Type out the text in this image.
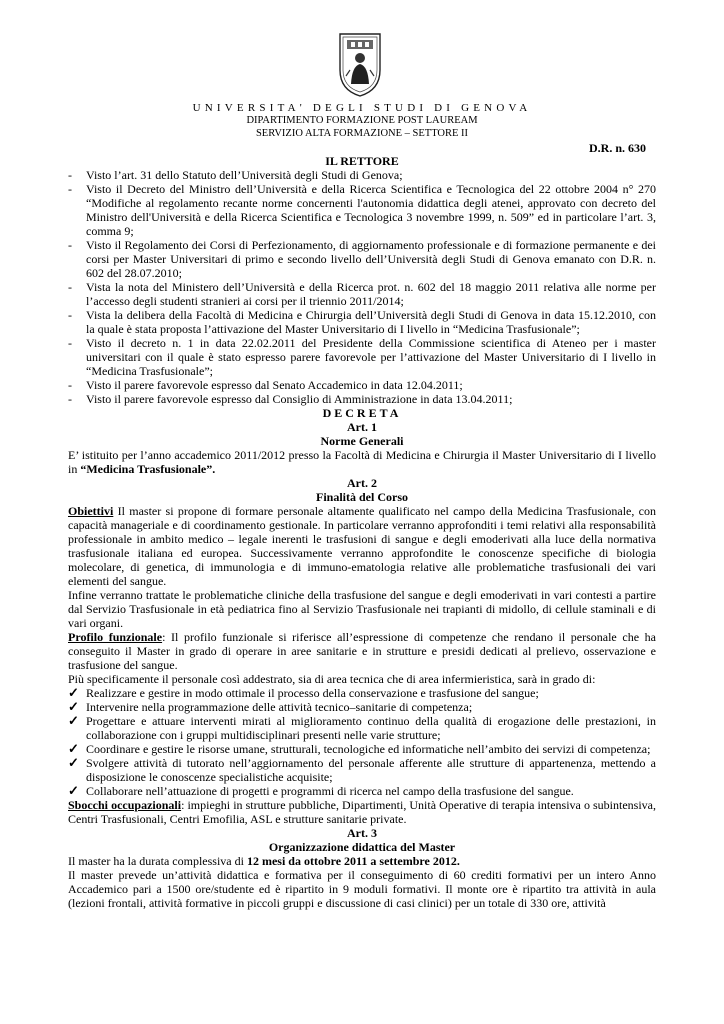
UNIVERSITA' DEGLI STUDI DI GENOVA
DIPARTIMENTO FORMAZIONE POST LAUREAM
SERVIZIO ALTA FORMAZIONE – SETTORE II
D.R. n. 630
IL RETTORE
- Visto l’art. 31 dello Statuto dell’Università degli Studi di Genova;
- Visto il Decreto del Ministro dell’Università e della Ricerca Scientifica e Tecnologica del 22 ottobre 2004 n° 270 “Modifiche al regolamento recante norme concernenti l'autonomia didattica degli atenei, approvato con decreto del Ministro dell'Università e della Ricerca Scientifica e Tecnologica 3 novembre 1999, n. 509” ed in particolare l’art. 3, comma 9;
- Visto il Regolamento dei Corsi di Perfezionamento, di aggiornamento professionale e di formazione permanente e dei corsi per Master Universitari di primo e secondo livello dell’Università degli Studi di Genova emanato con D.R. n. 602 del 28.07.2010;
- Vista la nota del Ministero dell’Università e della Ricerca prot. n. 602 del 18 maggio 2011 relativa alle norme per l’accesso degli studenti stranieri ai corsi per il triennio 2011/2014;
- Vista la delibera della Facoltà di Medicina e Chirurgia dell’Università degli Studi di Genova in data 15.12.2010, con la quale è stata proposta l’attivazione del Master Universitario di I livello in “Medicina Trasfusionale”;
- Visto il decreto n. 1 in data 22.02.2011 del Presidente della Commissione scientifica di Ateneo per i master universitari con il quale è stato espresso parere favorevole per l’attivazione del Master Universitario di I livello in “Medicina Trasfusionale”;
- Visto il parere favorevole espresso dal Senato Accademico in data 12.04.2011;
- Visto il parere favorevole espresso dal Consiglio di Amministrazione in data 13.04.2011;
DECRETA
Art. 1
Norme Generali

E’ istituito per l’anno accademico 2011/2012 presso la Facoltà di Medicina e Chirurgia il Master Universitario di I livello in “Medicina Trasfusionale”.

Art. 2
Finalità del Corso

Obiettivi Il master si propone di formare personale altamente qualificato nel campo della Medicina Trasfusionale, con capacità manageriale e di coordinamento gestionale. In particolare verranno approfonditi i temi relativi alla responsabilità professionale in ambito medico – legale inerenti le trasfusioni di sangue e degli emoderivati alla luce della normativa trasfusionale italiana ed europea. Successivamente verranno approfondite le conoscenze specifiche di biologia molecolare, di genetica, di immunologia e di immuno-ematologia relative alle problematiche trasfusionali dei vari elementi del sangue.

Infine verranno trattate le problematiche cliniche della trasfusione del sangue e degli emoderivati in vari contesti a partire dal Servizio Trasfusionale in età pediatrica fino al Servizio Trasfusionale nei trapianti di midollo, di cellule staminali e di vari organi.

Profilo funzionale: Il profilo funzionale si riferisce all’espressione di competenze che rendano il personale che ha conseguito il Master in grado di operare in aree sanitarie e in strutture e presidi dedicati al prelievo, osservazione e trasfusione del sangue.

Più specificamente il personale così addestrato, sia di area tecnica che di area infermieristica, sarà in grado di:

✓ Realizzare e gestire in modo ottimale il processo della conservazione e trasfusione del sangue;
✓ Intervenire nella programmazione delle attività tecnico–sanitarie di competenza;
✓ Progettare e attuare interventi mirati al miglioramento continuo della qualità di erogazione delle prestazioni, in collaborazione con i gruppi multidisciplinari presenti nelle varie strutture;
✓ Coordinare e gestire le risorse umane, strutturali, tecnologiche ed informatiche nell’ambito dei servizi di competenza;
✓ Svolgere attività di tutorato nell’aggiornamento del personale afferente alle strutture di appartenenza, mettendo a disposizione le conoscenze specialistiche acquisite;
✓ Collaborare nell’attuazione di progetti e programmi di ricerca nel campo della trasfusione del sangue.

Sbocchi occupazionali: impieghi in strutture pubbliche, Dipartimenti, Unità Operative di terapia intensiva o subintensiva, Centri Trasfusionali, Centri Emofilia, ASL e strutture sanitarie private.

Art. 3
Organizzazione didattica del Master

Il master ha la durata complessiva di 12 mesi da ottobre 2011 a settembre 2012.

Il master prevede un’attività didattica e formativa per il conseguimento di 60 crediti formativi per un intero Anno Accademico pari a 1500 ore/studente ed è ripartito in 9 moduli formativi. Il monte ore è ripartito tra attività in aula (lezioni frontali, attività formative in piccoli gruppi e discussione di casi clinici) per un totale di 330 ore, attività
